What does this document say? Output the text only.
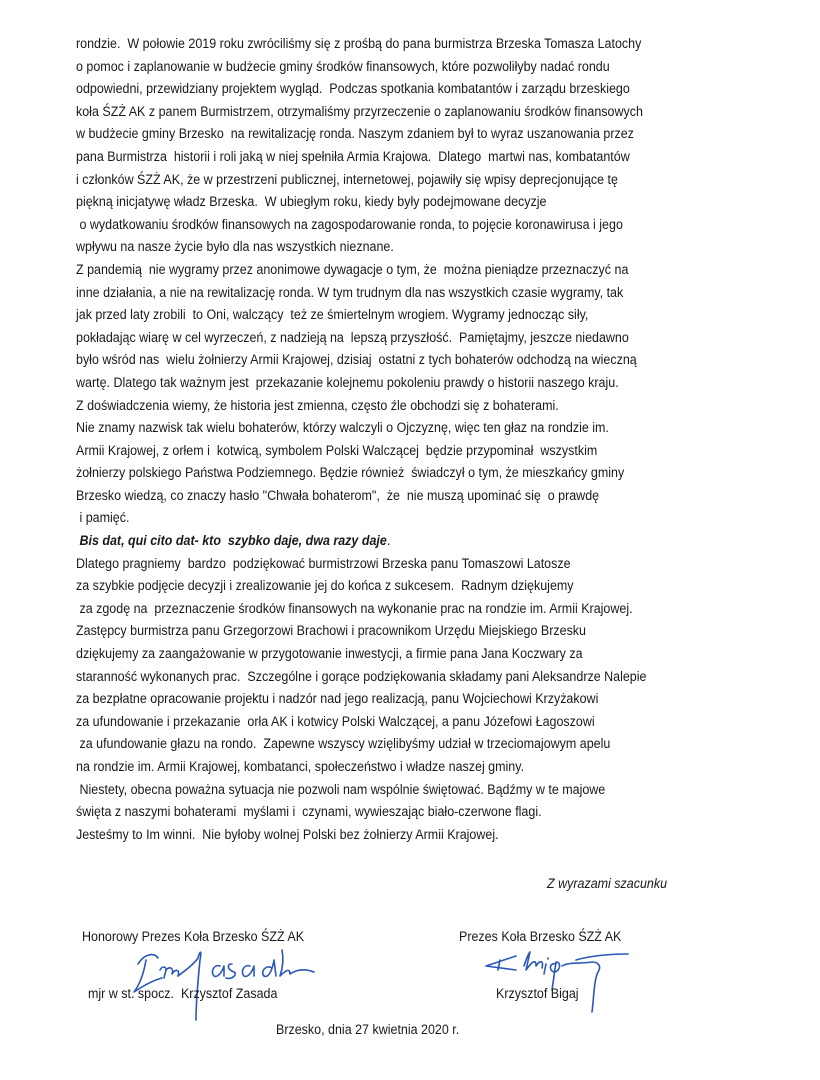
rondzie.  W połowie 2019 roku zwróciliśmy się z prośbą do pana burmistrza Brzeska Tomasza Latochy
o pomoc i zaplanowanie w budżecie gminy środków finansowych, które pozwoliłyby nadać rondu
odpowiedni, przewidziany projektem wygląd.  Podczas spotkania kombatantów i zarządu brzeskiego
koła ŚZŻ AK z panem Burmistrzem, otrzymaliśmy przyrzeczenie o zaplanowaniu środków finansowych
w budżecie gminy Brzesko  na rewitalizację ronda. Naszym zdaniem był to wyraz uszanowania przez
pana Burmistrza  historii i roli jaką w niej spełniła Armia Krajowa.  Dlatego  martwi nas, kombatantów
i członków ŚZŻ AK, że w przestrzeni publicznej, internetowej, pojawiły się wpisy deprecjonujące tę
piękną inicjatywę władz Brzeska.  W ubiegłym roku, kiedy były podejmowane decyzje
o wydatkowaniu środków finansowych na zagospodarowanie ronda, to pojęcie koronawirusa i jego
wpływu na nasze życie było dla nas wszystkich nieznane.
Z pandemią  nie wygramy przez anonimowe dywagacje o tym, że  można pieniądze przeznaczyć na
inne działania, a nie na rewitalizację ronda. W tym trudnym dla nas wszystkich czasie wygramy, tak
jak przed laty zrobili  to Oni, walczący  też ze śmiertelnym wrogiem. Wygramy jednocząc siły,
pokładając wiarę w cel wyrzeczeń, z nadzieją na  lepszą przyszłość.  Pamiętajmy, jeszcze niedawno
było wśród nas  wielu żołnierzy Armii Krajowej, dzisiaj  ostatni z tych bohaterów odchodzą na wieczną
wartę. Dlatego tak ważnym jest  przekazanie kolejnemu pokoleniu prawdy o historii naszego kraju.
Z doświadczenia wiemy, że historia jest zmienna, często źle obchodzi się z bohaterami.
Nie znamy nazwisk tak wielu bohaterów, którzy walczyli o Ojczyznę, więc ten głaz na rondzie im.
Armii Krajowej, z orłem i  kotwicą, symbolem Polski Walczącej  będzie przypominał  wszystkim
żołnierzy polskiego Państwa Podziemnego. Będzie również  świadczył o tym, że mieszkańcy gminy
Brzesko wiedzą, co znaczy hasło "Chwała bohaterom",  że  nie muszą upominać się  o prawdę
i pamięć.
Bis dat, qui cito dat- kto  szybko daje, dwa razy daje.
Dlatego pragniemy  bardzo  podziękować burmistrzowi Brzeska panu Tomaszowi Latosze
za szybkie podjęcie decyzji i zrealizowanie jej do końca z sukcesem.  Radnym dziękujemy
za zgodę na  przeznaczenie środków finansowych na wykonanie prac na rondzie im. Armii Krajowej.
Zastępcy burmistrza panu Grzegorzowi Brachowi i pracownikom Urzędu Miejskiego Brzesku
dziękujemy za zaangażowanie w przygotowanie inwestycji, a firmie pana Jana Koczwary za
staranność wykonanych prac.  Szczególne i gorące podziękowania składamy pani Aleksandrze Nalepie
za bezpłatne opracowanie projektu i nadzór nad jego realizacją, panu Wojciechowi Krzyżakowi
za ufundowanie i przekazanie  orła AK i kotwicy Polski Walczącej, a panu Józefowi Łagoszowi
za ufundowanie głazu na rondo.  Zapewne wszyscy wzięlibyśmy udział w trzeciomajowym apelu
na rondzie im. Armii Krajowej, kombatanci, społeczeństwo i władze naszej gminy.
Niestety, obecna poważna sytuacja nie pozwoli nam wspólnie świętować. Bądźmy w te majowe
święta z naszymi bohaterami  myślami i  czynami, wywieszając biało-czerwone flagi.
Jesteśmy to Im winni.  Nie byłoby wolnej Polski bez żołnierzy Armii Krajowej.
Z wyrazami szacunku
Honorowy Prezes Koła Brzesko ŚZŻ AK
mjr w st. spocz.  Krzysztof Zasada
Prezes Koła Brzesko ŚZŻ AK
Krzysztof Bigaj
Brzesko, dnia 27 kwietnia 2020 r.
